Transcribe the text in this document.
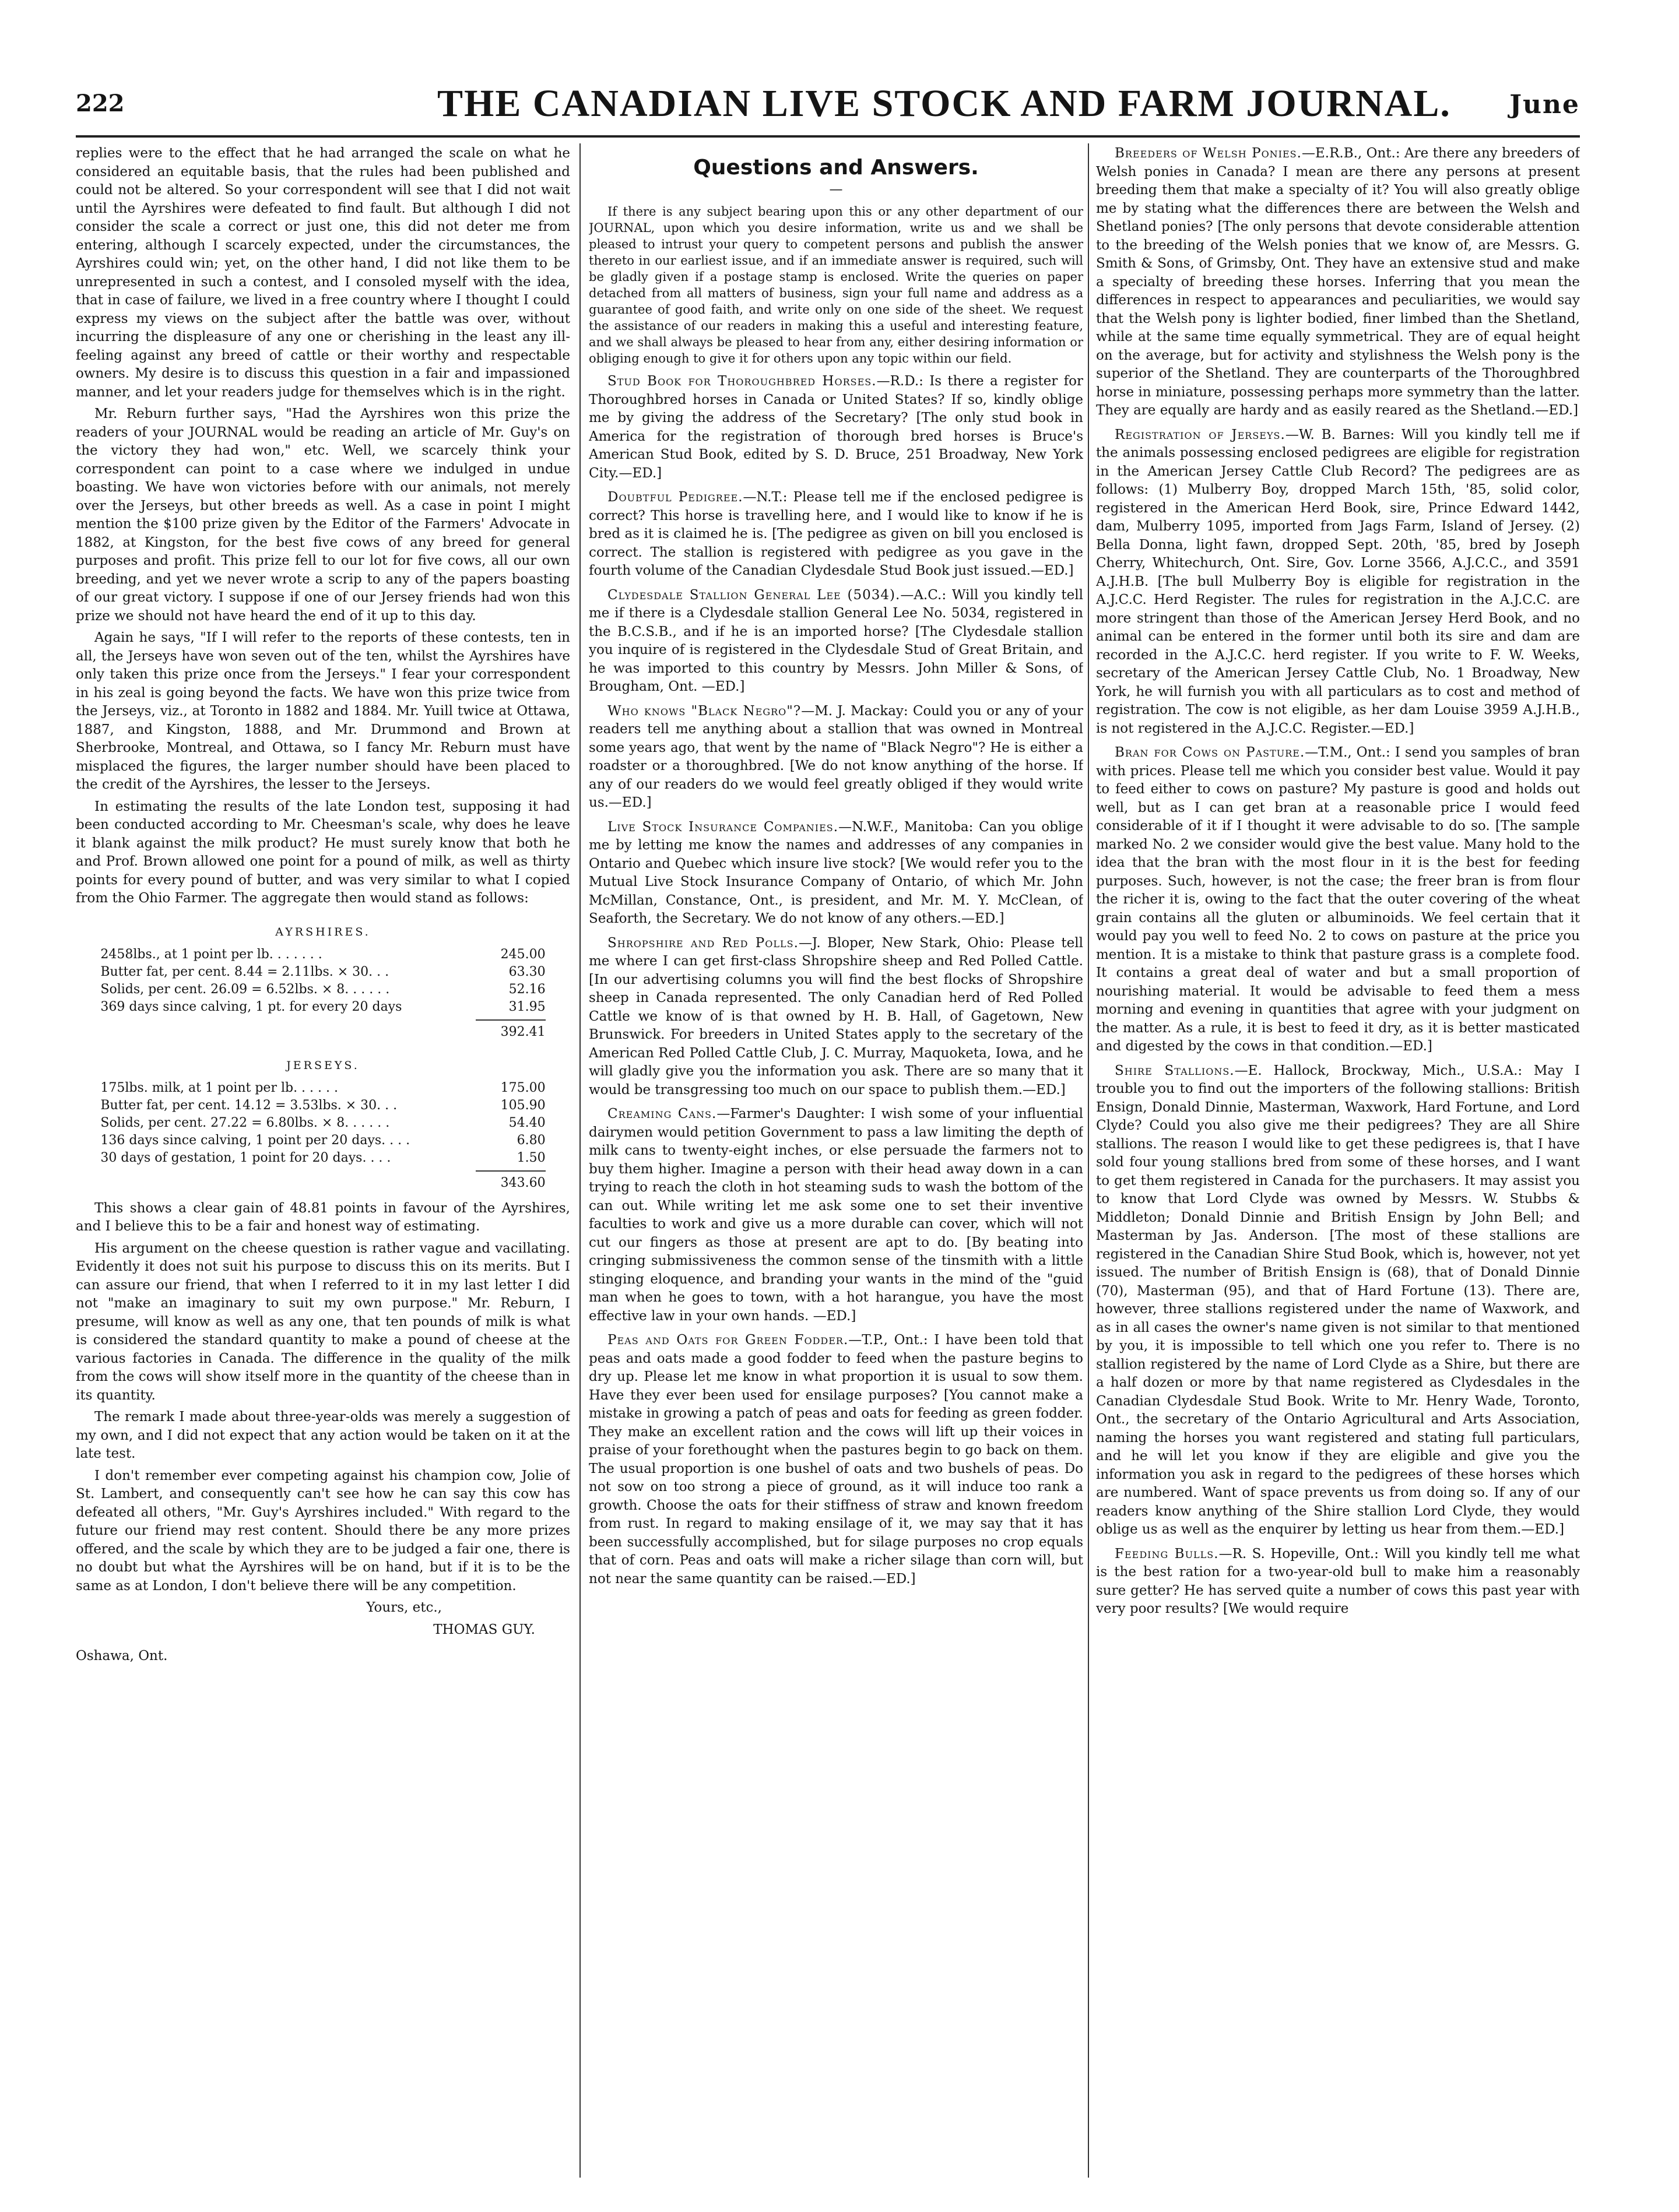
222	THE CANADIAN LIVE STOCK AND FARM JOURNAL. June

replies were to the effect that he had arranged the scale on what he considered an equitable basis, that the rules had been published and could not be altered. So your correspondent will see that I did not wait until the Ayrshires were defeated to find fault. But although I did not consider the scale a correct or just one, this did not deter me from entering, although I scarcely expected, under the circumstances, the Ayrshires could win; yet, on the other hand, I did not like them to be unrepresented in such a contest, and I consoled myself with the idea, that in case of failure, we lived in a free country where I thought I could express my views on the subject after the battle was over, without incurring the displeasure of any one or cherishing in the least any ill-feeling against any breed of cattle or their worthy and respectable owners. My desire is to discuss this question in a fair and impassioned manner, and let your readers judge for themselves which is in the right.

Mr. Reburn further says, "Had the Ayrshires won this prize the readers of your JOURNAL would be reading an article of Mr. Guy's on the victory they had won," etc. Well, we scarcely think your correspondent can point to a case where we indulged in undue boasting. We have won victories before with our animals, not merely over the Jerseys, but other breeds as well. As a case in point I might mention the $100 prize given by the Editor of the Farmers' Advocate in 1882, at Kingston, for the best five cows of any breed for general purposes and profit. This prize fell to our lot for five cows, all our own breeding, and yet we never wrote a scrip to any of the papers boasting of our great victory. I suppose if one of our Jersey friends had won this prize we should not have heard the end of it up to this day.

Again he says, "If I will refer to the reports of these contests, ten in all, the Jerseys have won seven out of the ten, whilst the Ayrshires have only taken this prize once from the Jerseys." I fear your correspondent in his zeal is going beyond the facts. We have won this prize twice from the Jerseys, viz., at Toronto in 1882 and 1884. Mr. Yuill twice at Ottawa, 1887, and Kingston, 1888, and Mr. Drummond and Brown at Sherbrooke, Montreal, and Ottawa, so I fancy Mr. Reburn must have misplaced the figures, the larger number should have been placed to the credit of the Ayrshires, the lesser to the Jerseys.

In estimating the results of the late London test, supposing it had been conducted according to Mr. Cheesman's scale, why does he leave it blank against the milk product? He must surely know that both he and Prof. Brown allowed one point for a pound of milk, as well as thirty points for every pound of butter, and was very similar to what I copied from the Ohio Farmer. The aggregate then would stand as follows:

AYRSHIRES.
2458lbs., at 1 point per lb. . . . . . .	245.00
Butter fat, per cent. 8.44 = 2.11lbs. × 30. . .	63.30
Solids, per cent. 26.09 = 6.52lbs. × 8. . . . . .	52.16
369 days since calving, 1 pt. for every 20 days	31.95
392.41
JERSEYS.
175lbs. milk, at 1 point per lb. . . . . .	175.00
Butter fat, per cent. 14.12 = 3.53lbs. × 30. . .	105.90
Solids, per cent. 27.22 = 6.80lbs. × 8. . . . . .	54.40
136 days since calving, 1 point per 20 days. . . .	6.80
30 days of gestation, 1 point for 20 days. . . .	1.50
343.60

This shows a clear gain of 48.81 points in favour of the Ayrshires, and I believe this to be a fair and honest way of estimating.

His argument on the cheese question is rather vague and vacillating. Evidently it does not suit his purpose to discuss this on its merits. But I can assure our friend, that when I referred to it in my last letter I did not "make an imaginary to suit my own purpose." Mr. Reburn, I presume, will know as well as any one, that ten pounds of milk is what is considered the standard quantity to make a pound of cheese at the various factories in Canada. The difference in the quality of the milk from the cows will show itself more in the quantity of the cheese than in its quantity.

The remark I made about three-year-olds was merely a suggestion of my own, and I did not expect that any action would be taken on it at the late test.

I don't remember ever competing against his champion cow, Jolie of St. Lambert, and consequently can't see how he can say this cow has defeated all others, "Mr. Guy's Ayrshires included." With regard to the future our friend may rest content. Should there be any more prizes offered, and the scale by which they are to be judged a fair one, there is no doubt but what the Ayrshires will be on hand, but if it is to be the same as at London, I don't believe there will be any competition.

Yours, etc.,

THOMAS GUY.

Oshawa, Ont.

Questions and Answers.
—

If there is any subject bearing upon this or any other department of our JOURNAL, upon which you desire information, write us and we shall be pleased to intrust your query to competent persons and publish the answer thereto in our earliest issue, and if an immediate answer is required, such will be gladly given if a postage stamp is enclosed. Write the queries on paper detached from all matters of business, sign your full name and address as a guarantee of good faith, and write only on one side of the sheet. We request the assistance of our readers in making this a useful and interesting feature, and we shall always be pleased to hear from any, either desiring information or obliging enough to give it for others upon any topic within our field.

Stud Book for Thoroughbred Horses.—R.D.: Is there a register for Thoroughbred horses in Canada or United States? If so, kindly oblige me by giving the address of the Secretary? [The only stud book in America for the registration of thorough bred horses is Bruce's American Stud Book, edited by S. D. Bruce, 251 Broadway, New York City.—ED.]

Doubtful Pedigree.—N.T.: Please tell me if the enclosed pedigree is correct? This horse is travelling here, and I would like to know if he is bred as it is claimed he is. [The pedigree as given on bill you enclosed is correct. The stallion is registered with pedigree as you gave in the fourth volume of the Canadian Clydesdale Stud Book just issued.—ED.]

Clydesdale Stallion General Lee (5034).—A.C.: Will you kindly tell me if there is a Clydesdale stallion General Lee No. 5034, registered in the B.C.S.B., and if he is an imported horse? [The Clydesdale stallion you inquire of is registered in the Clydesdale Stud of Great Britain, and he was imported to this country by Messrs. John Miller & Sons, of Brougham, Ont. —ED.]

Who knows "Black Negro"?—M. J. Mackay: Could you or any of your readers tell me anything about a stallion that was owned in Montreal some years ago, that went by the name of "Black Negro"? He is either a roadster or a thoroughbred. [We do not know anything of the horse. If any of our readers do we would feel greatly obliged if they would write us.—ED.]

Live Stock Insurance Companies.—N.W.F., Manitoba: Can you oblige me by letting me know the names and addresses of any companies in Ontario and Quebec which insure live stock? [We would refer you to the Mutual Live Stock Insurance Company of Ontario, of which Mr. John McMillan, Constance, Ont., is president, and Mr. M. Y. McClean, of Seaforth, the Secretary. We do not know of any others.—ED.]

Shropshire and Red Polls.—J. Bloper, New Stark, Ohio: Please tell me where I can get first-class Shropshire sheep and Red Polled Cattle. [In our advertising columns you will find the best flocks of Shropshire sheep in Canada represented. The only Canadian herd of Red Polled Cattle we know of is that owned by H. B. Hall, of Gagetown, New Brunswick. For breeders in United States apply to the secretary of the American Red Polled Cattle Club, J. C. Murray, Maquoketa, Iowa, and he will gladly give you the information you ask. There are so many that it would be transgressing too much on our space to publish them.—ED.]

Creaming Cans.—Farmer's Daughter: I wish some of your influential dairymen would petition Government to pass a law limiting the depth of milk cans to twenty-eight inches, or else persuade the farmers not to buy them higher. Imagine a person with their head away down in a can trying to reach the cloth in hot steaming suds to wash the bottom of the can out. While writing let me ask some one to set their inventive faculties to work and give us a more durable can cover, which will not cut our fingers as those at present are apt to do. [By beating into cringing submissiveness the common sense of the tinsmith with a little stinging eloquence, and branding your wants in the mind of the "guid man when he goes to town, with a hot harangue, you have the most effective law in your own hands. —ED.]

Peas and Oats for Green Fodder.—T.P., Ont.: I have been told that peas and oats made a good fodder to feed when the pasture begins to dry up. Please let me know in what proportion it is usual to sow them. Have they ever been used for ensilage purposes? [You cannot make a mistake in growing a patch of peas and oats for feeding as green fodder. They make an excellent ration and the cows will lift up their voices in praise of your forethought when the pastures begin to go back on them. The usual proportion is one bushel of oats and two bushels of peas. Do not sow on too strong a piece of ground, as it will induce too rank a growth. Choose the oats for their stiffness of straw and known freedom from rust. In regard to making ensilage of it, we may say that it has been successfully accomplished, but for silage purposes no crop equals that of corn. Peas and oats will make a richer silage than corn will, but not near the same quantity can be raised.—ED.]

Breeders of Welsh Ponies.—E.R.B., Ont.: Are there any breeders of Welsh ponies in Canada? I mean are there any persons at present breeding them that make a specialty of it? You will also greatly oblige me by stating what the differences there are between the Welsh and Shetland ponies? [The only persons that devote considerable attention to the breeding of the Welsh ponies that we know of, are Messrs. G. Smith & Sons, of Grimsby, Ont. They have an extensive stud and make a specialty of breeding these horses. Inferring that you mean the differences in respect to appearances and peculiarities, we would say that the Welsh pony is lighter bodied, finer limbed than the Shetland, while at the same time equally symmetrical. They are of equal height on the average, but for activity and stylishness the Welsh pony is the superior of the Shetland. They are counterparts of the Thoroughbred horse in miniature, possessing perhaps more symmetry than the latter. They are equally are hardy and as easily reared as the Shetland.—ED.]

Registration of Jerseys.—W. B. Barnes: Will you kindly tell me if the animals possessing enclosed pedigrees are eligible for registration in the American Jersey Cattle Club Record? The pedigrees are as follows: (1) Mulberry Boy, dropped March 15th, '85, solid color, registered in the American Herd Book, sire, Prince Edward 1442, dam, Mulberry 1095, imported from Jags Farm, Island of Jersey. (2) Bella Donna, light fawn, dropped Sept. 20th, '85, bred by Joseph Cherry, Whitechurch, Ont. Sire, Gov. Lorne 3566, A.J.C.C., and 3591 A.J.H.B. [The bull Mulberry Boy is eligible for registration in the A.J.C.C. Herd Register. The rules for registration in the A.J.C.C. are more stringent than those of the American Jersey Herd Book, and no animal can be entered in the former until both its sire and dam are recorded in the A.J.C.C. herd register. If you write to F. W. Weeks, secretary of the American Jersey Cattle Club, No. 1 Broadway, New York, he will furnish you with all particulars as to cost and method of registration. The cow is not eligible, as her dam Louise 3959 A.J.H.B., is not registered in the A.J.C.C. Register.—ED.]

Bran for Cows on Pasture.—T.M., Ont.: I send you samples of bran with prices. Please tell me which you consider best value. Would it pay to feed either to cows on pasture? My pasture is good and holds out well, but as I can get bran at a reasonable price I would feed considerable of it if I thought it were advisable to do so. [The sample marked No. 2 we consider would give the best value. Many hold to the idea that the bran with the most flour in it is the best for feeding purposes. Such, however, is not the case; the freer bran is from flour the richer it is, owing to the fact that the outer covering of the wheat grain contains all the gluten or albuminoids. We feel certain that it would pay you well to feed No. 2 to cows on pasture at the price you mention. It is a mistake to think that pasture grass is a complete food. It contains a great deal of water and but a small proportion of nourishing material. It would be advisable to feed them a mess morning and evening in quantities that agree with your judgment on the matter. As a rule, it is best to feed it dry, as it is better masticated and digested by the cows in that condition.—ED.]

Shire Stallions.—E. Hallock, Brockway, Mich., U.S.A.: May I trouble you to find out the importers of the following stallions: British Ensign, Donald Dinnie, Masterman, Waxwork, Hard Fortune, and Lord Clyde? Could you also give me their pedigrees? They are all Shire stallions. The reason I would like to get these pedigrees is, that I have sold four young stallions bred from some of these horses, and I want to get them registered in Canada for the purchasers. It may assist you to know that Lord Clyde was owned by Messrs. W. Stubbs & Middleton; Donald Dinnie and British Ensign by John Bell; and Masterman by Jas. Anderson. [The most of these stallions are registered in the Canadian Shire Stud Book, which is, however, not yet issued. The number of British Ensign is (68), that of Donald Dinnie (70), Masterman (95), and that of Hard Fortune (13). There are, however, three stallions registered under the name of Waxwork, and as in all cases the owner's name given is not similar to that mentioned by you, it is impossible to tell which one you refer to. There is no stallion registered by the name of Lord Clyde as a Shire, but there are a half dozen or more by that name registered as Clydesdales in the Canadian Clydesdale Stud Book. Write to Mr. Henry Wade, Toronto, Ont., the secretary of the Ontario Agricultural and Arts Association, naming the horses you want registered and stating full particulars, and he will let you know if they are eligible and give you the information you ask in regard to the pedigrees of these horses which are numbered. Want of space prevents us from doing so. If any of our readers know anything of the Shire stallion Lord Clyde, they would oblige us as well as the enquirer by letting us hear from them.—ED.]

Feeding Bulls.—R. S. Hopeville, Ont.: Will you kindly tell me what is the best ration for a two-year-old bull to make him a reasonably sure getter? He has served quite a number of cows this past year with very poor results? [We would require
